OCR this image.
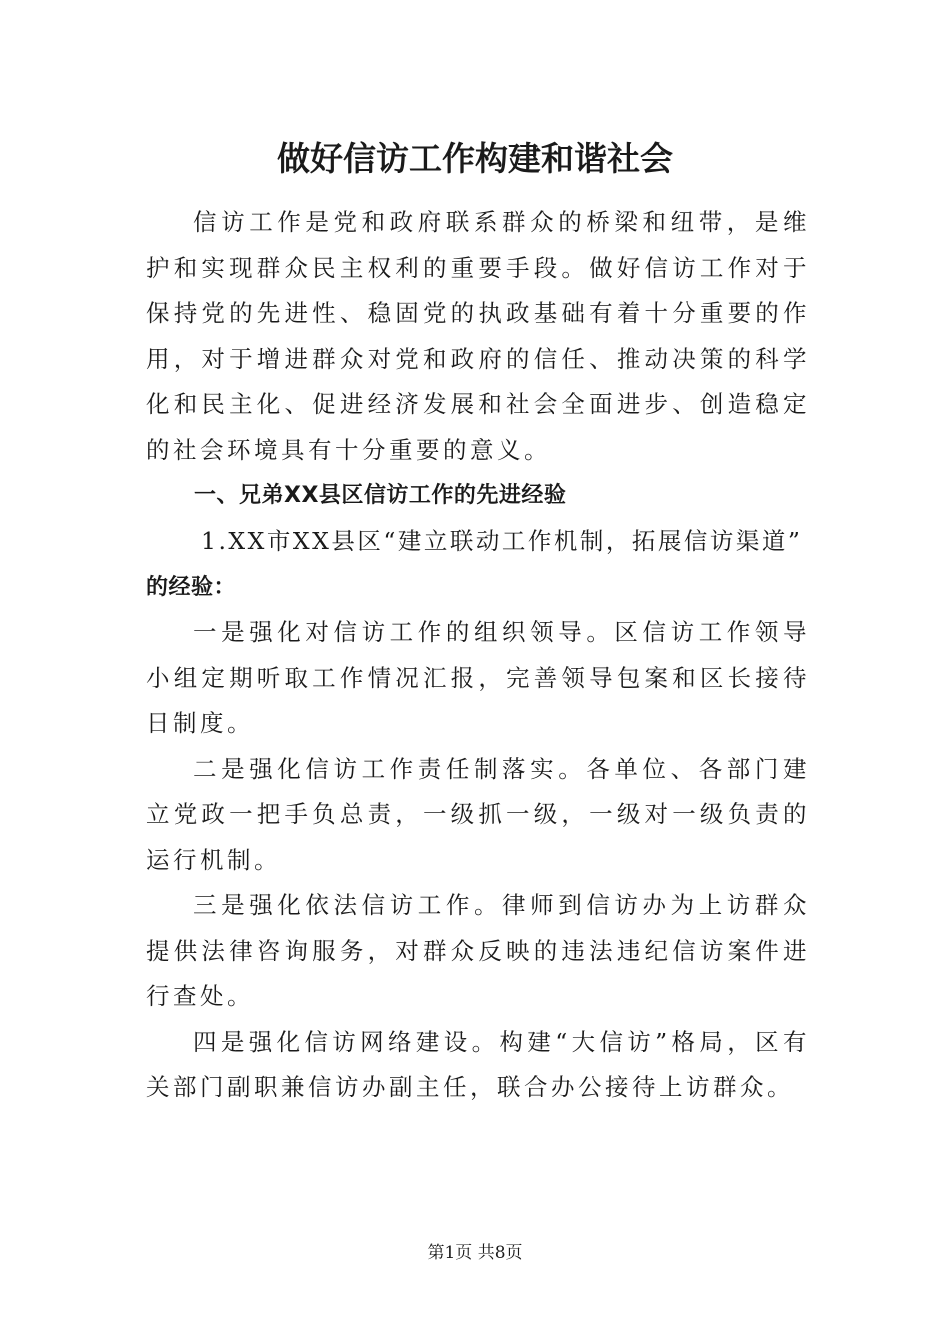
做好信访工作构建和谐社会

信访工作是党和政府联系群众的桥梁和纽带，是维护和实现群众民主权利的重要手段。做好信访工作对于保持党的先进性、稳固党的执政基础有着十分重要的作用，对于增进群众对党和政府的信任、推动决策的科学化和民主化、促进经济发展和社会全面进步、创造稳定的社会环境具有十分重要的意义。

一、兄弟XX县区信访工作的先进经验

1.XX市XX县区“建立联动工作机制，拓展信访渠道”

的经验：

一是强化对信访工作的组织领导。区信访工作领导小组定期听取工作情况汇报，完善领导包案和区长接待日制度。

二是强化信访工作责任制落实。各单位、各部门建立党政一把手负总责，一级抓一级，一级对一级负责的运行机制。

三是强化依法信访工作。律师到信访办为上访群众提供法律咨询服务，对群众反映的违法违纪信访案件进行查处。

四是强化信访网络建设。构建“大信访”格局，区有关部门副职兼信访办副主任，联合办公接待上访群众。

第1页 共8页
